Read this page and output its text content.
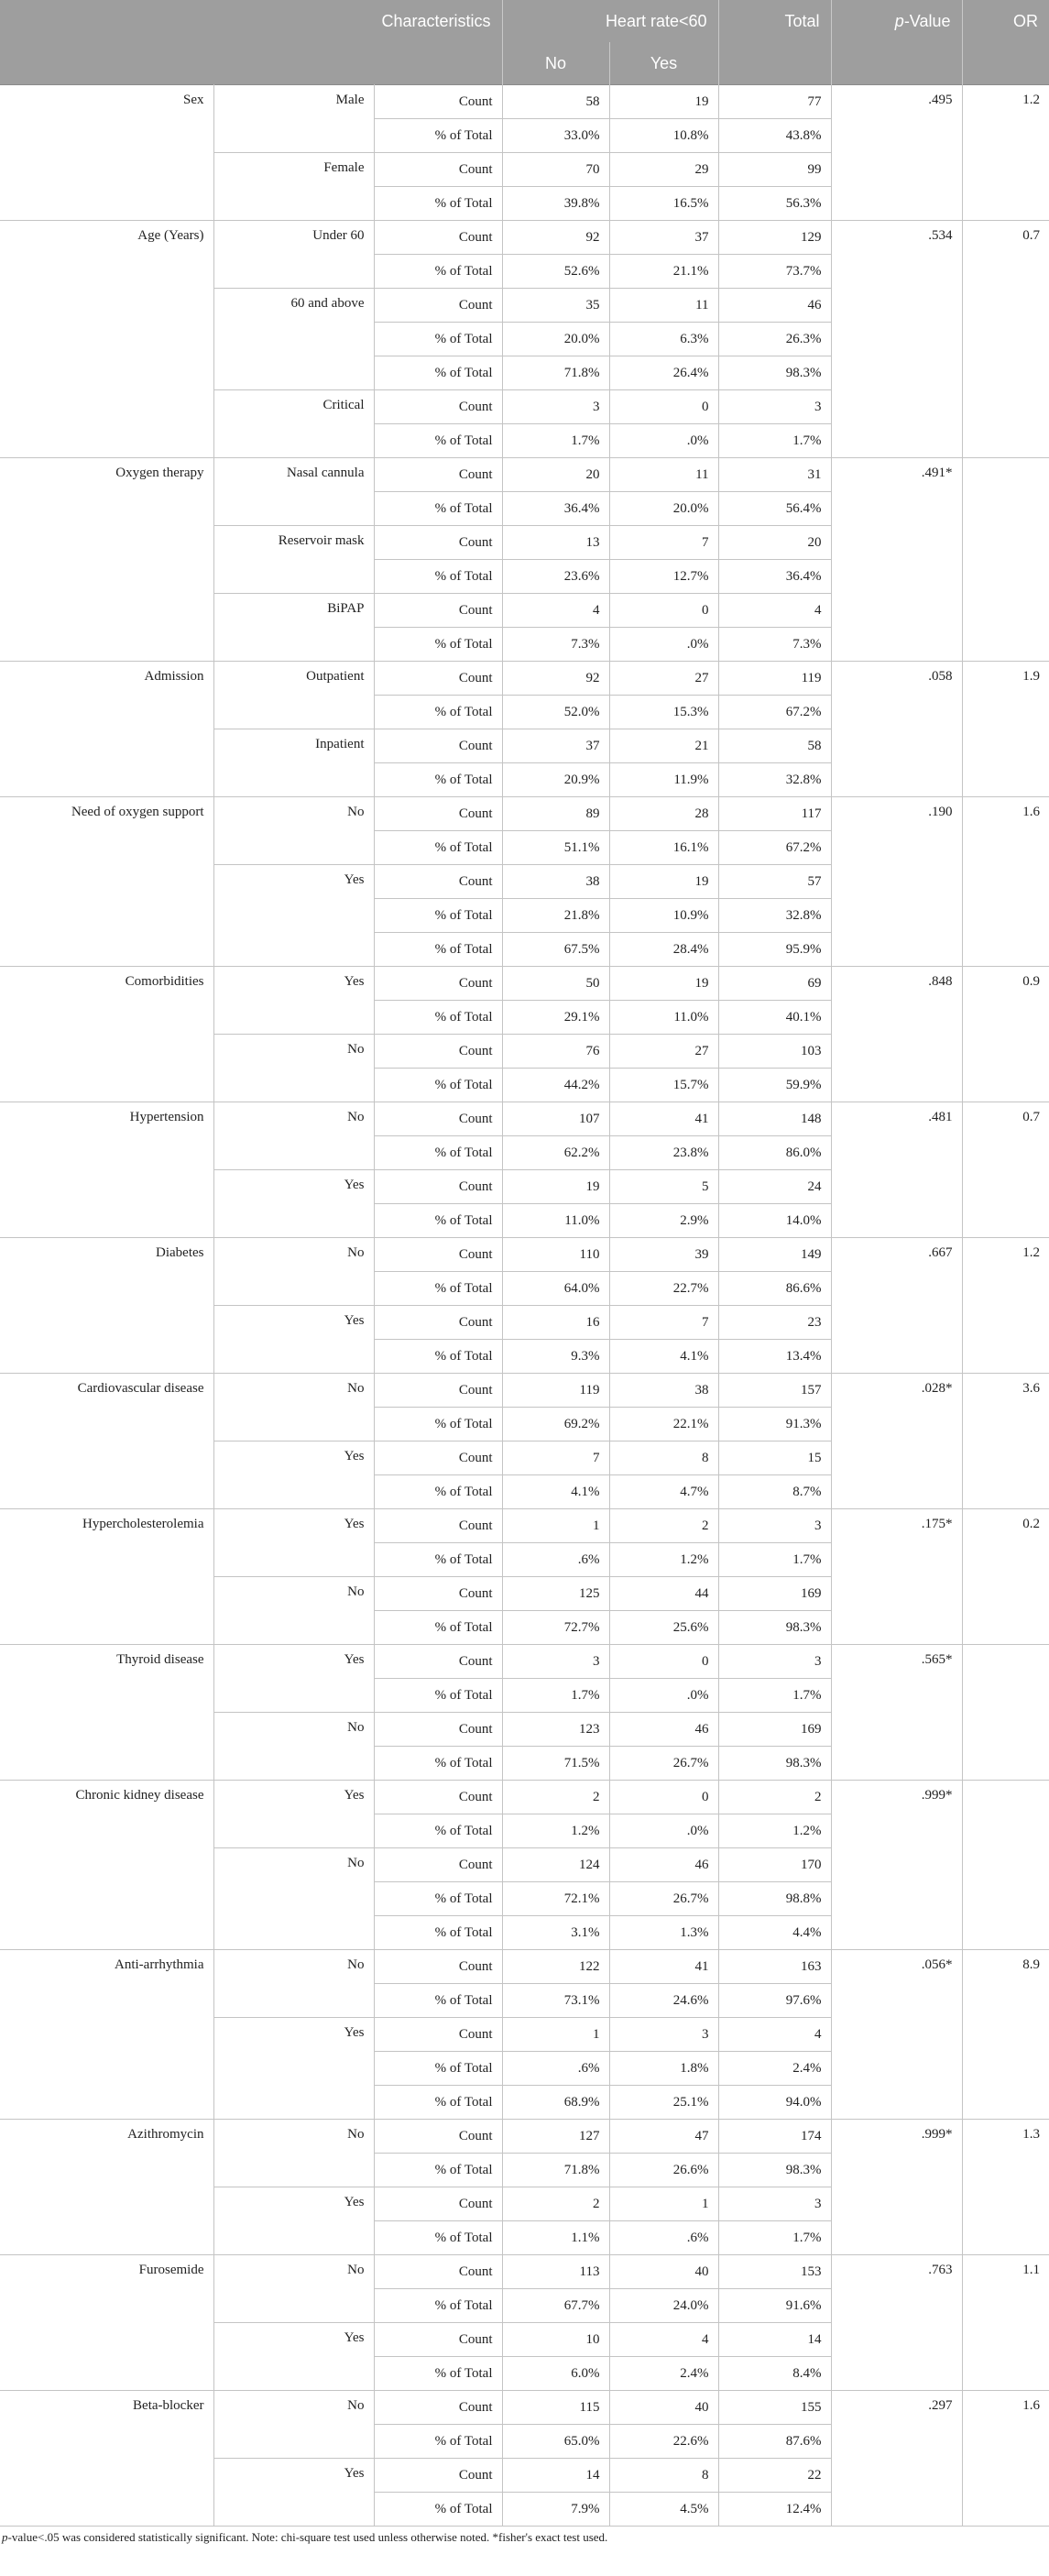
Characteristics			Heart rate<60		Total	p-Value	OR
			No	Yes			
Sex	Male	Count	58	19	77	.495	1.2
		% of Total	33.0%	10.8%	43.8%		
	Female	Count	70	29	99		
		% of Total	39.8%	16.5%	56.3%		
Age (Years)	Under 60	Count	92	37	129	.534	0.7
		% of Total	52.6%	21.1%	73.7%		
	60 and above	Count	35	11	46		
		% of Total	20.0%	6.3%	26.3%		
		% of Total	71.8%	26.4%	98.3%		
	Critical	Count	3	0	3		
		% of Total	1.7%	.0%	1.7%		
Oxygen therapy	Nasal cannula	Count	20	11	31	.491*	
		% of Total	36.4%	20.0%	56.4%		
	Reservoir mask	Count	13	7	20		
		% of Total	23.6%	12.7%	36.4%		
	BiPAP	Count	4	0	4		
		% of Total	7.3%	.0%	7.3%		
Admission	Outpatient	Count	92	27	119	.058	1.9
		% of Total	52.0%	15.3%	67.2%		
	Inpatient	Count	37	21	58		
		% of Total	20.9%	11.9%	32.8%		
Need of oxygen support	No	Count	89	28	117	.190	1.6
		% of Total	51.1%	16.1%	67.2%		
	Yes	Count	38	19	57		
		% of Total	21.8%	10.9%	32.8%		
		% of Total	67.5%	28.4%	95.9%		
Comorbidities	Yes	Count	50	19	69	.848	0.9
		% of Total	29.1%	11.0%	40.1%		
	No	Count	76	27	103		
		% of Total	44.2%	15.7%	59.9%		
Hypertension	No	Count	107	41	148	.481	0.7
		% of Total	62.2%	23.8%	86.0%		
	Yes	Count	19	5	24		
		% of Total	11.0%	2.9%	14.0%		
Diabetes	No	Count	110	39	149	.667	1.2
		% of Total	64.0%	22.7%	86.6%		
	Yes	Count	16	7	23		
		% of Total	9.3%	4.1%	13.4%		
Cardiovascular disease	No	Count	119	38	157	.028*	3.6
		% of Total	69.2%	22.1%	91.3%		
	Yes	Count	7	8	15		
		% of Total	4.1%	4.7%	8.7%		
Hypercholesterolemia	Yes	Count	1	2	3	.175*	0.2
		% of Total	.6%	1.2%	1.7%		
	No	Count	125	44	169		
		% of Total	72.7%	25.6%	98.3%		
Thyroid disease	Yes	Count	3	0	3	.565*	
		% of Total	1.7%	.0%	1.7%		
	No	Count	123	46	169		
		% of Total	71.5%	26.7%	98.3%		
Chronic kidney disease	Yes	Count	2	0	2	.999*	
		% of Total	1.2%	.0%	1.2%		
	No	Count	124	46	170		
		% of Total	72.1%	26.7%	98.8%		
		% of Total	3.1%	1.3%	4.4%		
Anti-arrhythmia	No	Count	122	41	163	.056*	8.9
		% of Total	73.1%	24.6%	97.6%		
	Yes	Count	1	3	4		
		% of Total	.6%	1.8%	2.4%		
		% of Total	68.9%	25.1%	94.0%		
Azithromycin	No	Count	127	47	174	.999*	1.3
		% of Total	71.8%	26.6%	98.3%		
	Yes	Count	2	1	3		
		% of Total	1.1%	.6%	1.7%		
Furosemide	No	Count	113	40	153	.763	1.1
		% of Total	67.7%	24.0%	91.6%		
	Yes	Count	10	4	14		
		% of Total	6.0%	2.4%	8.4%		
Beta-blocker	No	Count	115	40	155	.297	1.6
		% of Total	65.0%	22.6%	87.6%		
	Yes	Count	14	8	22		
		% of Total	7.9%	4.5%	12.4%		
p-value<.05 was considered statistically significant. Note: chi-square test used unless otherwise noted. *fisher's exact test used.
